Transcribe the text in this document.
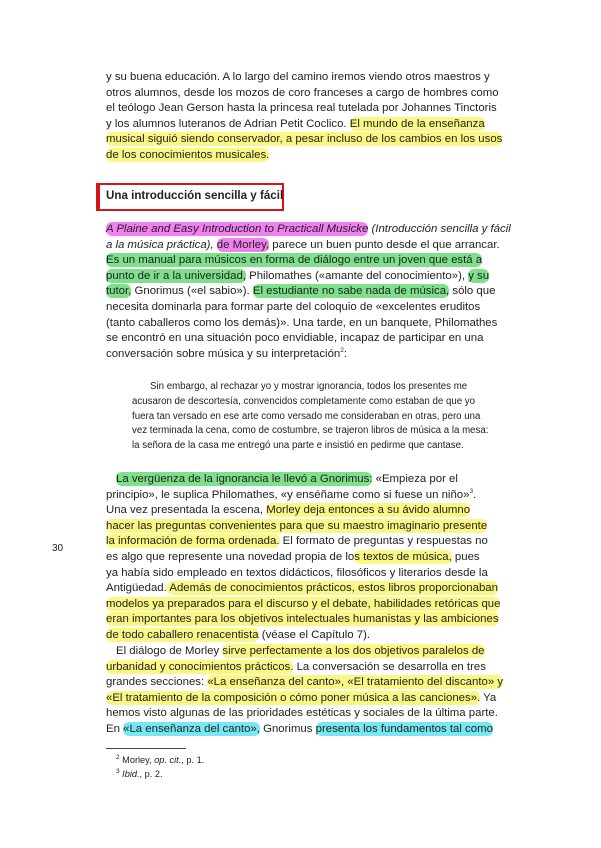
y su buena educación. A lo largo del camino iremos viendo otros maestros y

otros alumnos, desde los mozos de coro franceses a cargo de hombres como

el teólogo Jean Gerson hasta la princesa real tutelada por Johannes Tinctoris

y los alumnos luteranos de Adrian Petit Coclico. El mundo de la enseñanza

musical siguió siendo conservador, a pesar incluso de los cambios en los usos

de los conocimientos musicales.

Una introducción sencilla y fácil

A Plaine and Easy Introduction to Practicall Musicke (Introducción sencilla y fácil

a la música práctica), de Morley, parece un buen punto desde el que arrancar.

Es un manual para músicos en forma de diálogo entre un joven que está a

punto de ir a la universidad, Philomathes («amante del conocimiento»), y su

tutor, Gnorimus («el sabio»). El estudiante no sabe nada de música, sólo que

necesita dominarla para formar parte del coloquio de «excelentes eruditos

(tanto caballeros como los demás)». Una tarde, en un banquete, Philomathes

se encontró en una situación poco envidiable, incapaz de participar en una

conversación sobre música y su interpretación$^2$:

Sin embargo, al rechazar yo y mostrar ignorancia, todos los presentes me

acusaron de descortesía, convencidos completamente como estaban de que yo

fuera tan versado en ese arte como versado me consideraban en otras, pero una

vez terminada la cena, como de costumbre, se trajeron libros de música a la mesa:

la señora de la casa me entregó una parte e insistió en pedirme que cantase.

La vergüenza de la ignorancia le llevó a Gnorimus: «Empieza por el

principio», le suplica Philomathes, «y enséñame como si fuese un niño»$^3$.

Una vez presentada la escena, Morley deja entonces a su ávido alumno

hacer las preguntas convenientes para que su maestro imaginario presente

la información de forma ordenada. El formato de preguntas y respuestas no

es algo que represente una novedad propia de los textos de música, pues

ya había sido empleado en textos didácticos, filosóficos y literarios desde la

Antigüedad. Además de conocimientos prácticos, estos libros proporcionaban

modelos ya preparados para el discurso y el debate, habilidades retóricas que

eran importantes para los objetivos intelectuales humanistas y las ambiciones

de todo caballero renacentista (véase el Capítulo 7).

El diálogo de Morley sirve perfectamente a los dos objetivos paralelos de

urbanidad y conocimientos prácticos. La conversación se desarrolla en tres

grandes secciones: «La enseñanza del canto», «El tratamiento del discanto» y

«El tratamiento de la composición o cómo poner música a las canciones». Ya

hemos visto algunas de las prioridades estéticas y sociales de la última parte.

En «La enseñanza del canto», Gnorimus presenta los fundamentos tal como

30

$^2$ Morley, op. cit., p. 1.

$^3$ Ibid., p. 2.
